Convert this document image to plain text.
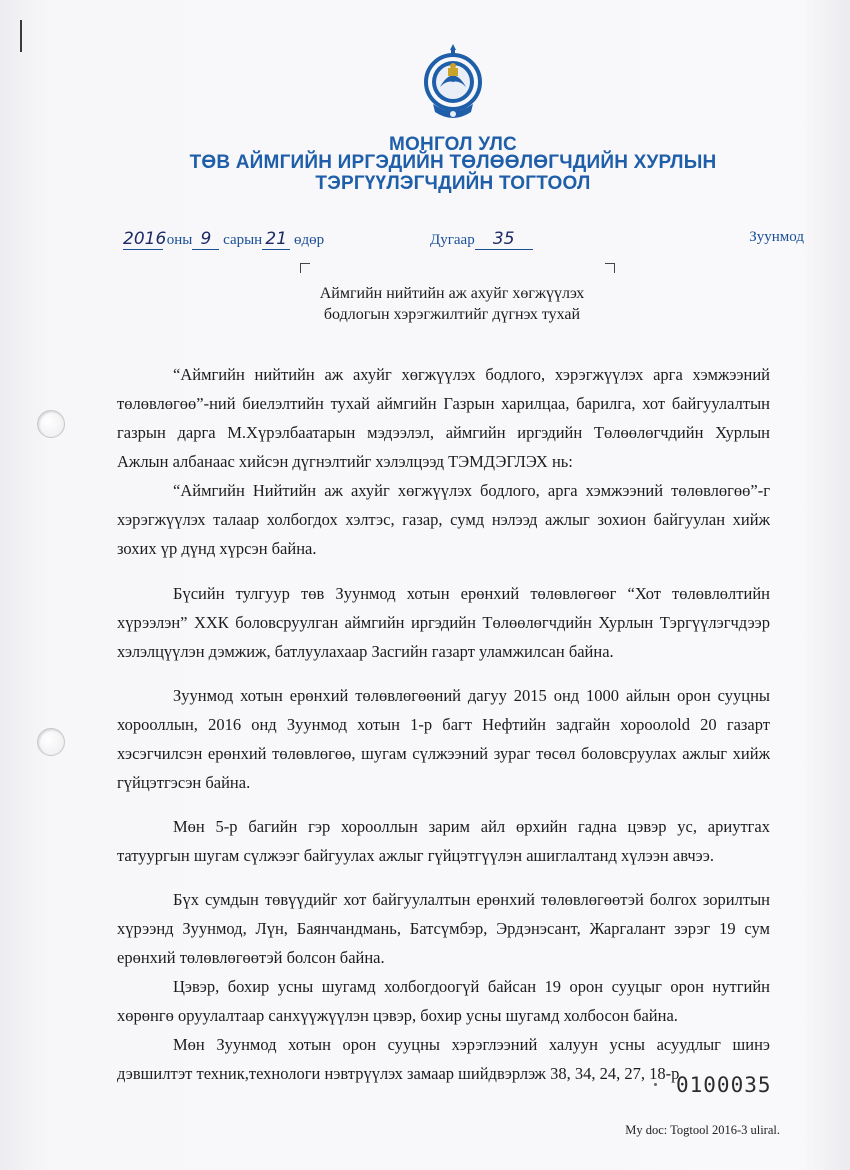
МОНГОЛ УЛС
ТӨВ АЙМГИЙН ИРГЭДИЙН ТӨЛӨӨЛӨГЧДИЙН ХУРЛЫН
ТЭРГҮҮЛЭГЧДИЙН ТОГТООЛ
2016 оны 9 сарын 21 өдөр	Дугаар 35	Зуунмод
Аймгийн нийтийн аж ахуйг хөгжүүлэх
бодлогын хэрэгжилтийг дүгнэх тухай

“Аймгийн нийтийн аж ахуйг хөгжүүлэх бодлого, хэрэгжүүлэх арга хэмжээний төлөвлөгөө”-ний биелэлтийн тухай аймгийн Газрын харилцаа, барилга, хот байгуулалтын газрын дарга М.Хүрэлбаатарын мэдээлэл, аймгийн иргэдийн Төлөөлөгчдийн Хурлын Ажлын албанаас хийсэн дүгнэлтийг хэлэлцээд ТЭМДЭГЛЭХ нь:

“Аймгийн Нийтийн аж ахуйг хөгжүүлэх бодлого, арга хэмжээний төлөвлөгөө”-г хэрэгжүүлэх талаар холбогдох хэлтэс, газар, сумд нэлээд ажлыг зохион байгуулан хийж зохих үр дүнд хүрсэн байна.

Бүсийн тулгуур төв Зуунмод хотын ерөнхий төлөвлөгөөг “Хот төлөвлөлтийн хүрээлэн” ХХК боловсруулган аймгийн иргэдийн Төлөөлөгчдийн Хурлын Тэргүүлэгчдээр хэлэлцүүлэн дэмжиж, батлуулахаар Засгийн газарт уламжилсан байна.

Зуунмод хотын ерөнхий төлөвлөгөөний дагуу 2015 онд 1000 айлын орон сууцны хорооллын, 2016 онд Зуунмод хотын 1-р багт Нефтийн задгайн хороолold 20 газарт хэсэгчилсэн ерөнхий төлөвлөгөө, шугам сүлжээний зураг төсөл боловсруулах ажлыг хийж гүйцэтгэсэн байна.

Мөн 5-р багийн гэр хорооллын зарим айл өрхийн гадна цэвэр ус, ариутгах татуургын шугам сүлжээг байгуулах ажлыг гүйцэтгүүлэн ашиглалтанд хүлээн авчээ.

Бүх сумдын төвүүдийг хот байгуулалтын ерөнхий төлөвлөгөөтэй болгох зорилтын хүрээнд Зуунмод, Лүн, Баянчандмань, Батсүмбэр, Эрдэнэсант, Жаргалант зэрэг 19 сум ерөнхий төлөвлөгөөтэй болсон байна.

Цэвэр, бохир усны шугамд холбогдоогүй байсан 19 орон сууцыг орон нутгийн хөрөнгө оруулалтаар санхүүжүүлэн цэвэр, бохир усны шугамд холбосон байна.

Мөн Зуунмод хотын орон сууцны хэрэглээний халуун усны асуудлыг шинэ дэвшилтэт техник,технологи нэвтрүүлэх замаар шийдвэрлэж 38, 34, 24, 27, 18-р

0100035
My doc: Togtool 2016-3 uliral.
